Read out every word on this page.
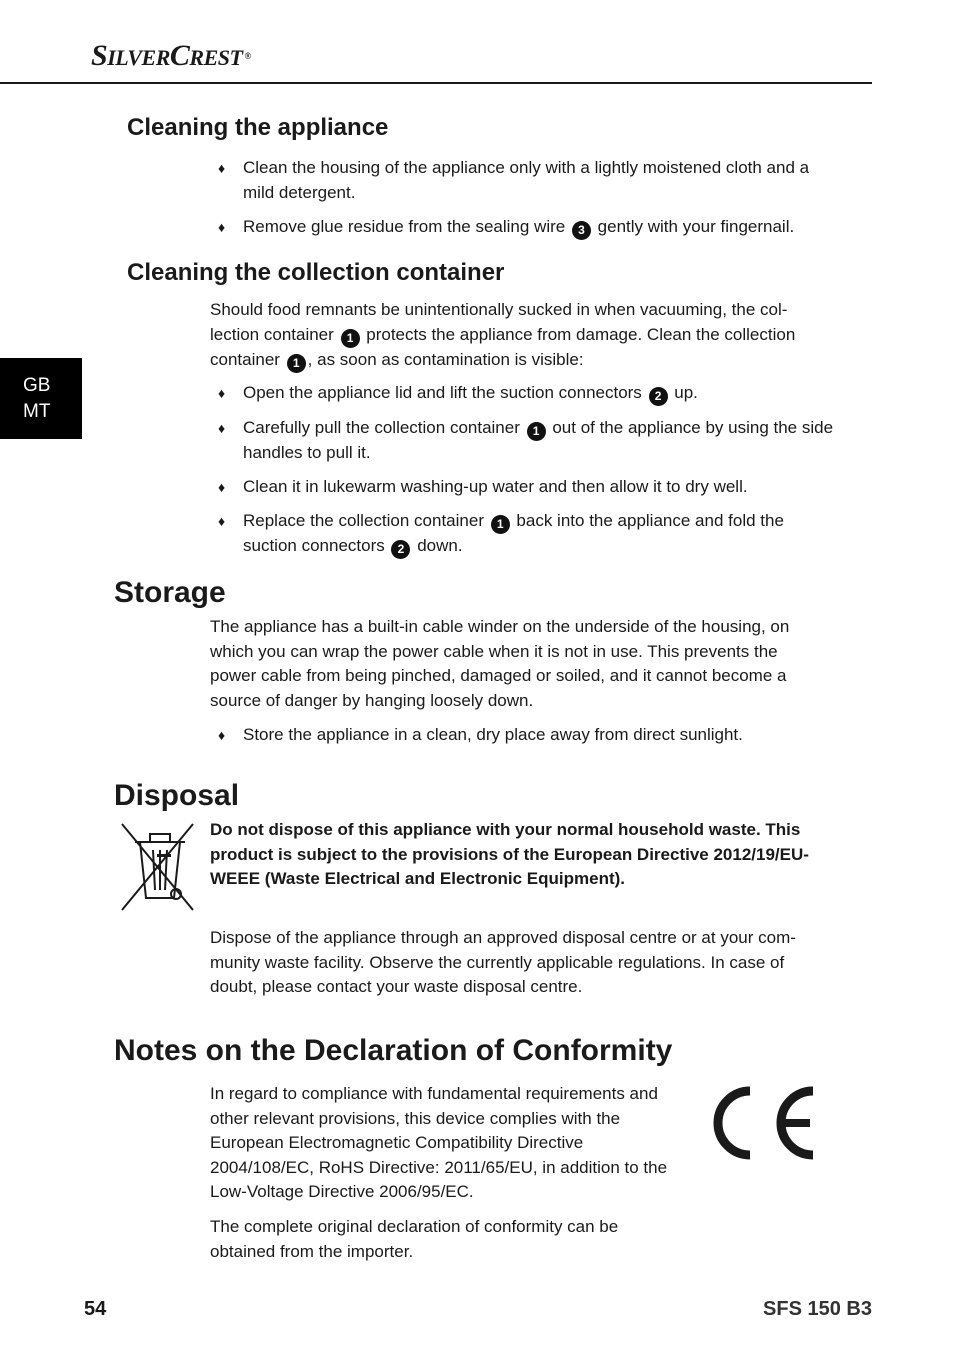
SILVERCREST ®
GB
MT
Cleaning the appliance
♦ Clean the housing of the appliance only with a lightly moistened cloth and a mild detergent.
♦ Remove glue residue from the sealing wire 3 gently with your fingernail.
Cleaning the collection container

Should food remnants be unintentionally sucked in when vacuuming, the col-lection container 1 protects the appliance from damage. Clean the collection container 1 , as soon as contamination is visible:

♦ Open the appliance lid and lift the suction connectors 2 up.
♦ Carefully pull the collection container 1 out of the appliance by using the side handles to pull it.
♦ Clean it in lukewarm washing-up water and then allow it to dry well.
♦ Replace the collection container 1 back into the appliance and fold the suction connectors 2 down.
Storage

The appliance has a built-in cable winder on the underside of the housing, on which you can wrap the power cable when it is not in use. This prevents the power cable from being pinched, damaged or soiled, and it cannot become a source of danger by hanging loosely down.

♦ Store the appliance in a clean, dry place away from direct sunlight.
Disposal

Do not dispose of this appliance with your normal household waste. This product is subject to the provisions of the European Directive 2012/19/EU-WEEE (Waste Electrical and Electronic Equipment).

Dispose of the appliance through an approved disposal centre or at your com-munity waste facility. Observe the currently applicable regulations. In case of doubt, please contact your waste disposal centre.

Notes on the Declaration of Conformity

In regard to compliance with fundamental requirements and other relevant provisions, this device complies with the European Electromagnetic Compatibility Directive 2004/108/EC, RoHS Directive: 2011/65/EU, in addition to the Low-Voltage Directive 2006/95/EC.

The complete original declaration of conformity can be obtained from the importer.

54	SFS 150 B3
